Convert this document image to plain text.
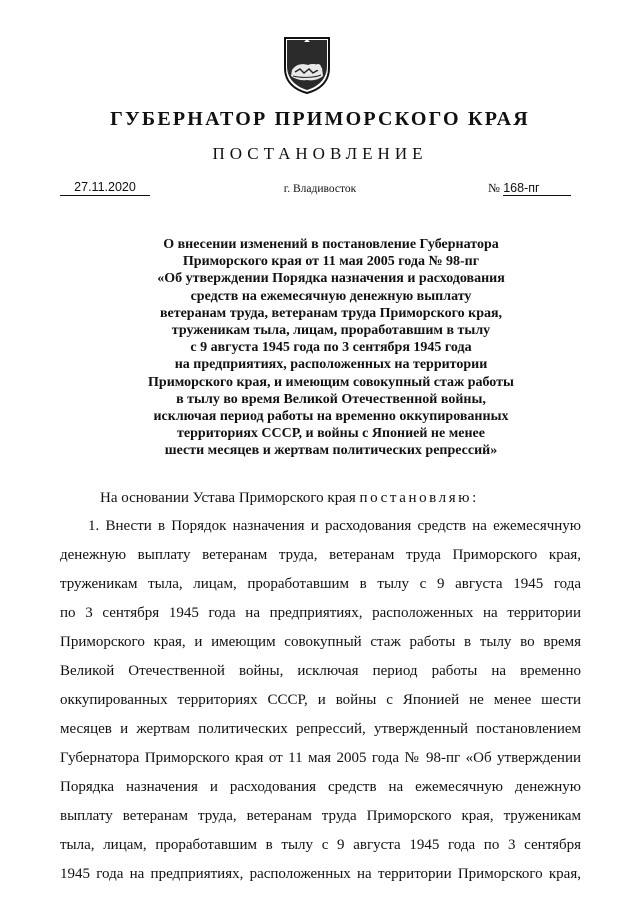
ГУБЕРНАТОР ПРИМОРСКОГО КРАЯ
ПОСТАНОВЛЕНИЕ
27.11.2020	г. Владивосток	№ 168-пг
О внесении изменений в постановление Губернатора
Приморского края от 11 мая 2005 года № 98-пг
«Об утверждении Порядка назначения и расходования
средств на ежемесячную денежную выплату
ветеранам труда, ветеранам труда Приморского края,
труженикам тыла, лицам, проработавшим в тылу
с 9 августа 1945 года по 3 сентября 1945 года
на предприятиях, расположенных на территории
Приморского края, и имеющим совокупный стаж работы
в тылу во время Великой Отечественной войны,
исключая период работы на временно оккупированных
территориях СССР, и войны с Японией не менее
шести месяцев и жертвам политических репрессий»
На основании Устава Приморского края постановляю:
1. Внести в Порядок назначения и расходования средств на ежемесячную
денежную выплату ветеранам труда, ветеранам труда Приморского края,
труженикам тыла, лицам, проработавшим в тылу с 9 августа 1945 года
по 3 сентября 1945 года на предприятиях, расположенных на территории
Приморского края, и имеющим совокупный стаж работы в тылу во время
Великой Отечественной войны, исключая период работы на временно
оккупированных территориях СССР, и войны с Японией не менее шести
месяцев и жертвам политических репрессий, утвержденный постановлением
Губернатора Приморского края от 11 мая 2005 года № 98-пг «Об утверждении
Порядка назначения и расходования средств на ежемесячную денежную
выплату ветеранам труда, ветеранам труда Приморского края, труженикам
тыла, лицам, проработавшим в тылу с 9 августа 1945 года по 3 сентября
1945 года на предприятиях, расположенных на территории Приморского края,
